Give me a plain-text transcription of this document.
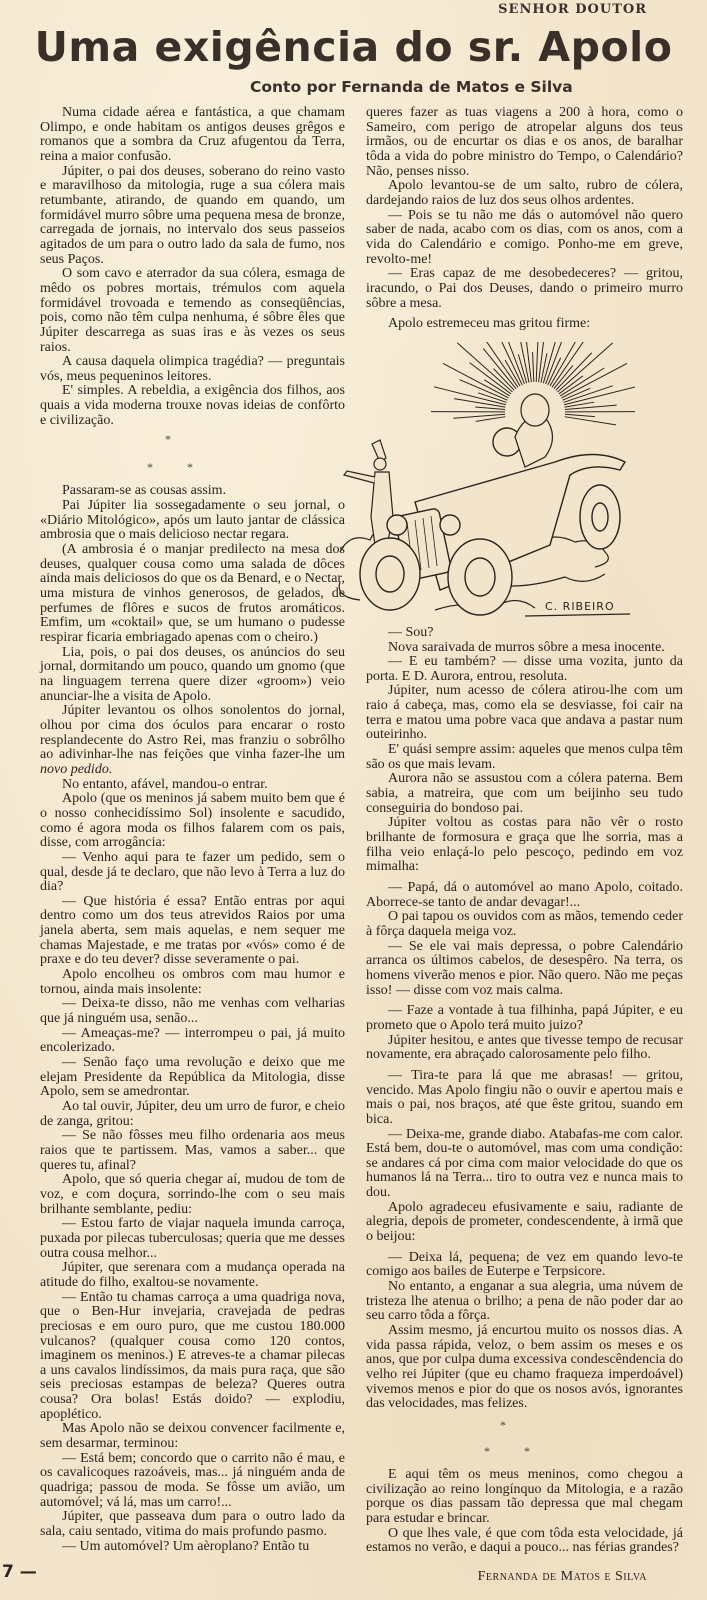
SENHOR DOUTOR
Uma exigência do sr. Apolo
Conto por Fernanda de Matos e Silva

Numa cidade aérea e fantástica, a que chamam Olimpo, e onde habitam os antigos deuses grêgos e romanos que a sombra da Cruz afugentou da Terra, reina a maior confusão.

Júpiter, o pai dos deuses, soberano do reino vasto e maravilhoso da mitologia, ruge a sua cólera mais retumbante, atirando, de quando em quando, um formidável murro sôbre uma pequena mesa de bronze, carregada de jornais, no intervalo dos seus passeios agitados de um para o outro lado da sala de fumo, nos seus Paços.

O som cavo e aterrador da sua cólera, esmaga de mêdo os pobres mortais, trémulos com aquela formidável trovoada e temendo as conseqüências, pois, como não têm culpa nenhuma, é sôbre êles que Júpiter descarrega as suas iras e às vezes os seus raios.

A causa daquela olimpica tragédia? — preguntais vós, meus pequeninos leitores.

E' simples. A rebeldia, a exigência dos filhos, aos quais a vida moderna trouxe novas ideias de confôrto e civilização.

*
*	*

Passaram-se as cousas assim.

Pai Júpiter lia sossegadamente o seu jornal, o «Diário Mitológico», após um lauto jantar de clássica ambrosia que o mais delicioso nectar regara.

(A ambrosia é o manjar predilecto na mesa dos deuses, qualquer cousa como uma salada de dôces ainda mais deliciosos do que os da Benard, e o Nectar, uma mistura de vinhos generosos, de gelados, de perfumes de flôres e sucos de frutos aromáticos. Emfim, um «coktail» que, se um humano o pudesse respirar ficaria embriagado apenas com o cheiro.)

Lia, pois, o pai dos deuses, os anúncios do seu jornal, dormitando um pouco, quando um gnomo (que na linguagem terrena quere dizer «groom») veio anunciar-lhe a visita de Apolo.

Júpiter levantou os olhos sonolentos do jornal, olhou por cima dos óculos para encarar o rosto resplandecente do Astro Rei, mas franziu o sobrôlho ao adivinhar-lhe nas feições que vinha fazer-lhe um novo pedido.

No entanto, afável, mandou-o entrar.

Apolo (que os meninos já sabem muito bem que é o nosso conhecidíssimo Sol) insolente e sacudido, como é agora moda os filhos falarem com os pais, disse, com arrogância:

— Venho aqui para te fazer um pedido, sem o qual, desde já te declaro, que não levo à Terra a luz do dia?

— Que história é essa? Então entras por aqui dentro como um dos teus atrevidos Raios por uma janela aberta, sem mais aquelas, e nem sequer me chamas Majestade, e me tratas por «vós» como é de praxe e do teu dever? disse severamente o pai.

Apolo encolheu os ombros com mau humor e tornou, ainda mais insolente:

— Deixa-te disso, não me venhas com velharias que já ninguém usa, senão...

— Ameaças-me? — interrompeu o pai, já muito encolerizado.

— Senão faço uma revolução e deixo que me elejam Presidente da República da Mitologia, disse Apolo, sem se amedrontar.

Ao tal ouvir, Júpiter, deu um urro de furor, e cheio de zanga, gritou:

— Se não fôsses meu filho ordenaria aos meus raios que te partissem. Mas, vamos a saber... que queres tu, afinal?

Apolo, que só queria chegar aí, mudou de tom de voz, e com doçura, sorrindo-lhe com o seu mais brilhante semblante, pediu:

— Estou farto de viajar naquela imunda carroça, puxada por pilecas tuberculosas; queria que me desses outra cousa melhor...

Júpiter, que serenara com a mudança operada na atitude do filho, exaltou-se novamente.

— Então tu chamas carroça a uma quadriga nova, que o Ben-Hur invejaria, cravejada de pedras preciosas e em ouro puro, que me custou 180.000 vulcanos? (qualquer cousa como 120 contos, imaginem os meninos.) E atreves-te a chamar pilecas a uns cavalos lindíssimos, da mais pura raça, que são seis preciosas estampas de beleza? Queres outra cousa? Ora bolas! Estás doido? — explodiu, apoplético.

Mas Apolo não se deixou convencer facilmente e, sem desarmar, terminou:

— Está bem; concordo que o carrito não é mau, e os cavalicoques razoáveis, mas... já ninguém anda de quadriga; passou de moda. Se fôsse um avião, um automóvel; vá lá, mas um carro!...

Júpiter, que passeava dum para o outro lado da sala, caiu sentado, vitima do mais profundo pasmo.

— Um automóvel? Um aèroplano? Então tu

7 —

queres fazer as tuas viagens a 200 à hora, como o Sameiro, com perigo de atropelar alguns dos teus irmãos, ou de encurtar os dias e os anos, de baralhar tôda a vida do pobre ministro do Tempo, o Calendário? Não, penses nisso.

Apolo levantou-se de um salto, rubro de cólera, dardejando raios de luz dos seus olhos ardentes.

— Pois se tu não me dás o automóvel não quero saber de nada, acabo com os dias, com os anos, com a vida do Calendário e comigo. Ponho-me em greve, revolto-me!

— Eras capaz de me desobedeceres? — gritou, iracundo, o Pai dos Deuses, dando o primeiro murro sôbre a mesa.

Apolo estremeceu mas gritou firme:

C. RIBEIRO

— Sou?

Nova saraivada de murros sôbre a mesa inocente.

— E eu também? — disse uma vozita, junto da porta. E D. Aurora, entrou, resoluta.

Júpiter, num acesso de cólera atirou-lhe com um raio á cabeça, mas, como ela se desviasse, foi cair na terra e matou uma pobre vaca que andava a pastar num outeirinho.

E' quási sempre assim: aqueles que menos culpa têm são os que mais levam.

Aurora não se assustou com a cólera paterna. Bem sabia, a matreira, que com um beijinho seu tudo conseguiria do bondoso pai.

Júpiter voltou as costas para não vêr o rosto brilhante de formosura e graça que lhe sorria, mas a filha veio enlaçá-lo pelo pescoço, pedindo em voz mimalha:

— Papá, dá o automóvel ao mano Apolo, coitado. Aborrece-se tanto de andar devagar!...

O pai tapou os ouvidos com as mãos, temendo ceder à fôrça daquela meiga voz.

— Se ele vai mais depressa, o pobre Calendário arranca os últimos cabelos, de desespêro. Na terra, os homens viverão menos e pior. Não quero. Não me peças isso! — disse com voz mais calma.

— Faze a vontade à tua filhinha, papá Júpiter, e eu prometo que o Apolo terá muito juizo?

Júpiter hesitou, e antes que tivesse tempo de recusar novamente, era abraçado calorosamente pelo filho.

— Tira-te para lá que me abrasas! — gritou, vencido. Mas Apolo fingiu não o ouvir e apertou mais e mais o pai, nos braços, até que êste gritou, suando em bica.

— Deixa-me, grande diabo. Atabafas-me com calor. Está bem, dou-te o automóvel, mas com uma condição: se andares cá por cima com maior velocidade do que os humanos lá na Terra... tiro to outra vez e nunca mais to dou.

Apolo agradeceu efusivamente e saiu, radiante de alegria, depois de prometer, condescendente, à irmã que o beijou:

— Deixa lá, pequena; de vez em quando levo-te comigo aos bailes de Euterpe e Terpsicore.

No entanto, a enganar a sua alegria, uma núvem de tristeza lhe atenua o brilho; a pena de não poder dar ao seu carro tôda a fôrça.

Assim mesmo, já encurtou muito os nossos dias. A vida passa rápida, veloz, o bem assim os meses e os anos, que por culpa duma excessiva condescêndencia do velho rei Júpiter (que eu chamo fraqueza imperdoável) vivemos menos e pior do que os nosos avós, ignorantes das velocidades, mas felizes.

*
*	*

E aqui têm os meus meninos, como chegou a civilização ao reino longínquo da Mitologia, e a razão porque os dias passam tão depressa que mal chegam para estudar e brincar.

O que lhes vale, é que com tôda esta velocidade, já estamos no verão, e daqui a pouco... nas férias grandes?

Fernanda de Matos e Silva
